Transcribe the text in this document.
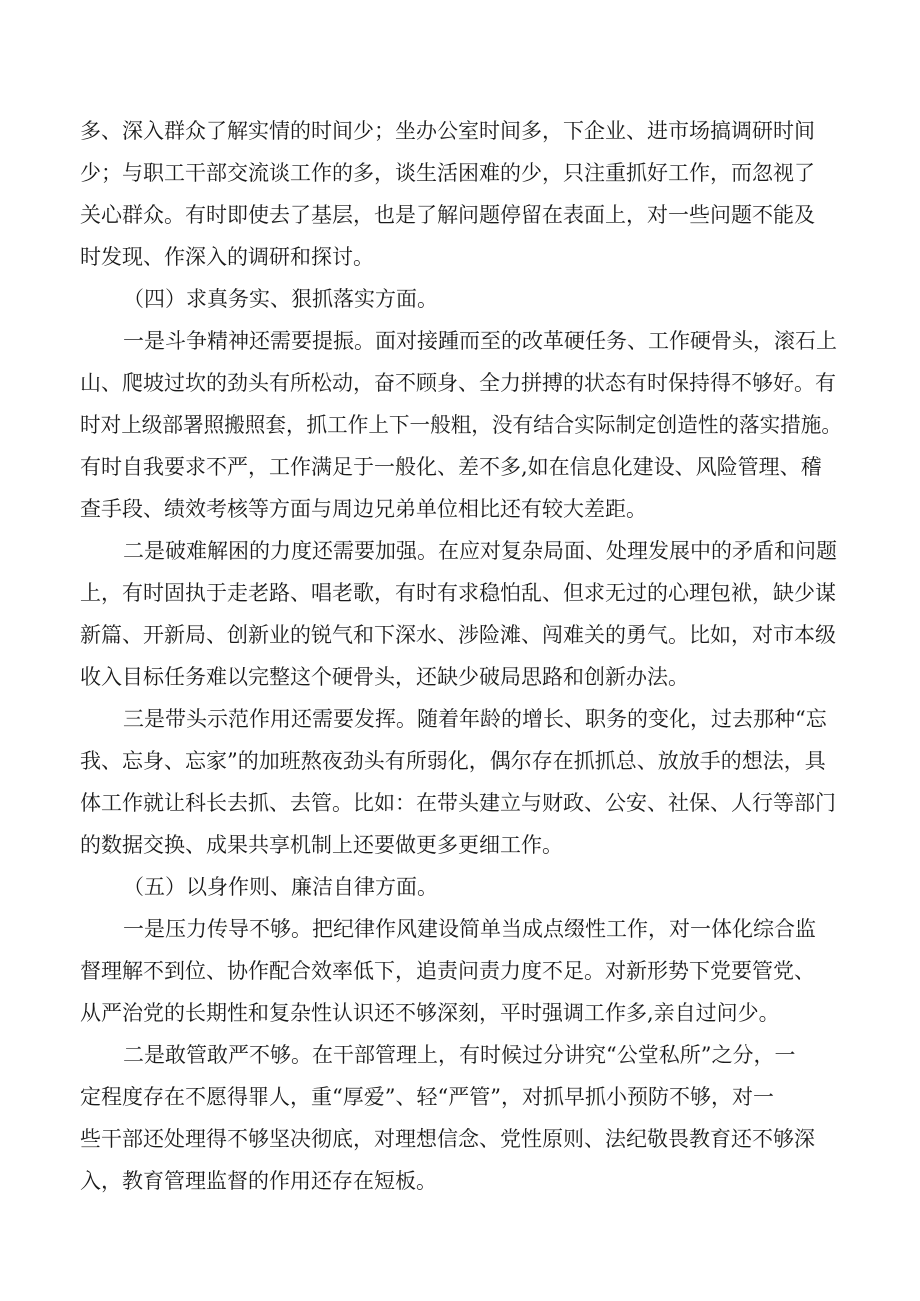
多、深入群众了解实情的时间少；坐办公室时间多，下企业、进市场搞调研时间
少；与职工干部交流谈工作的多，谈生活困难的少，只注重抓好工作，而忽视了
关心群众。有时即使去了基层，也是了解问题停留在表面上，对一些问题不能及
时发现、作深入的调研和探讨。
（四）求真务实、狠抓落实方面。
一是斗争精神还需要提振。面对接踵而至的改革硬任务、工作硬骨头，滚石上
山、爬坡过坎的劲头有所松动，奋不顾身、全力拼搏的状态有时保持得不够好。有
时对上级部署照搬照套，抓工作上下一般粗，没有结合实际制定创造性的落实措施。
有时自我要求不严，工作满足于一般化、差不多,如在信息化建设、风险管理、稽
查手段、绩效考核等方面与周边兄弟单位相比还有较大差距。
二是破难解困的力度还需要加强。在应对复杂局面、处理发展中的矛盾和问题
上，有时固执于走老路、唱老歌，有时有求稳怕乱、但求无过的心理包袱，缺少谋
新篇、开新局、创新业的锐气和下深水、涉险滩、闯难关的勇气。比如，对市本级
收入目标任务难以完整这个硬骨头，还缺少破局思路和创新办法。
三是带头示范作用还需要发挥。随着年龄的增长、职务的变化，过去那种“忘
我、忘身、忘家”的加班熬夜劲头有所弱化，偶尔存在抓抓总、放放手的想法，具
体工作就让科长去抓、去管。比如：在带头建立与财政、公安、社保、人行等部门
的数据交换、成果共享机制上还要做更多更细工作。
（五）以身作则、廉洁自律方面。
一是压力传导不够。把纪律作风建设简单当成点缀性工作，对一体化综合监
督理解不到位、协作配合效率低下，追责问责力度不足。对新形势下党要管党、
从严治党的长期性和复杂性认识还不够深刻，平时强调工作多,亲自过问少。
二是敢管敢严不够。在干部管理上，有时候过分讲究“公堂私所”之分，一
定程度存在不愿得罪人，重“厚爱”、轻“严管”，对抓早抓小预防不够，对一
些干部还处理得不够坚决彻底，对理想信念、党性原则、法纪敬畏教育还不够深
入，教育管理监督的作用还存在短板。
